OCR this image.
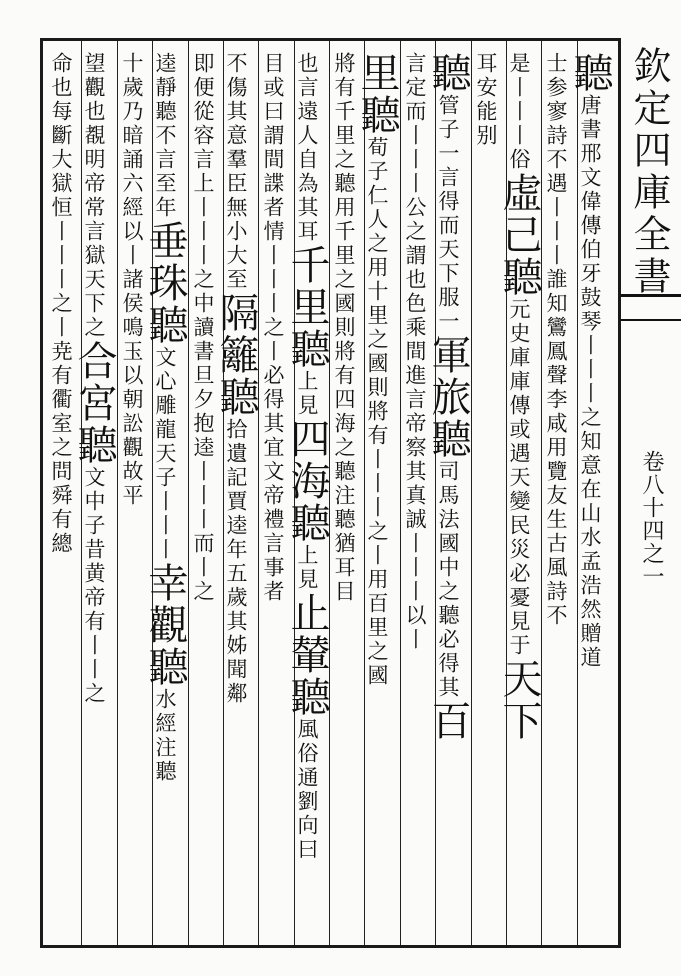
欽定四庫全書
卷八十四之一
聽唐書邢文偉傳伯牙鼓琴丨丨丨之知意在山水孟浩然贈道
士参寥詩不遇丨丨丨誰知鸞鳳聲李咸用覽友生古風詩不
是丨丨丨俗虛己聽元史庫庫傳或遇天變民災必憂見于天下
耳安能别
聽管子一言得而天下服一軍旅聽司馬法國中之聽必得其百
言定而丨丨丨公之謂也色乘間進言帝察其真誠丨丨丨以丨
里聽荀子仁人之用十里之國則將有丨丨丨之丨用百里之國
將有千里之聽用千里之國則將有四海之聽注聽猶耳目
也言遠人自為其耳千里聽上見四海聽上見止輦聽風俗通劉向曰
目或曰謂間諜者情丨丨丨之丨必得其宜文帝禮言事者
不傷其意羣臣無小大至隔籬聽拾遺記賈逵年五歲其姊聞鄰
即便從容言上丨丨丨之中讀書旦夕抱逵丨丨丨而丨之
逵靜聽不言至年垂珠聽文心雕龍天子丨丨丨幸觀聽水經注聽
十歲乃暗誦六經以丨諸侯鳴玉以朝訟觀故平
望觀也覩明帝常言獄天下之合宮聽文中子昔黄帝有丨丨之
命也每斷大獄恒丨丨丨之丨尭有衢室之問舜有總
